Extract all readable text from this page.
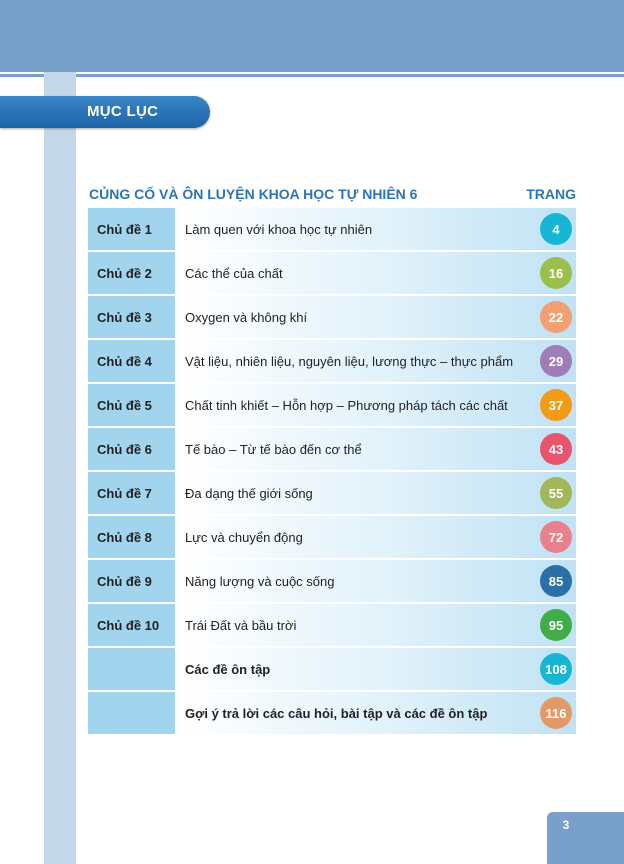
MỤC LỤC
CỦNG CỐ VÀ ÔN LUYỆN KHOA HỌC TỰ NHIÊN 6	TRANG
Chủ đề 1	Làm quen với khoa học tự nhiên	4
Chủ đề 2	Các thể của chất	16
Chủ đề 3	Oxygen và không khí	22
Chủ đề 4	Vật liệu, nhiên liệu, nguyên liệu, lương thực – thực phẩm	29
Chủ đề 5	Chất tinh khiết – Hỗn hợp – Phương pháp tách các chất	37
Chủ đề 6	Tế bào – Từ tế bào đến cơ thể	43
Chủ đề 7	Đa dạng thế giới sống	55
Chủ đề 8	Lực và chuyển động	72
Chủ đề 9	Năng lượng và cuộc sống	85
Chủ đề 10	Trái Đất và bầu trời	95
Các đề ôn tập	108
Gợi ý trả lời các câu hỏi, bài tập và các đề ôn tập	116
3
